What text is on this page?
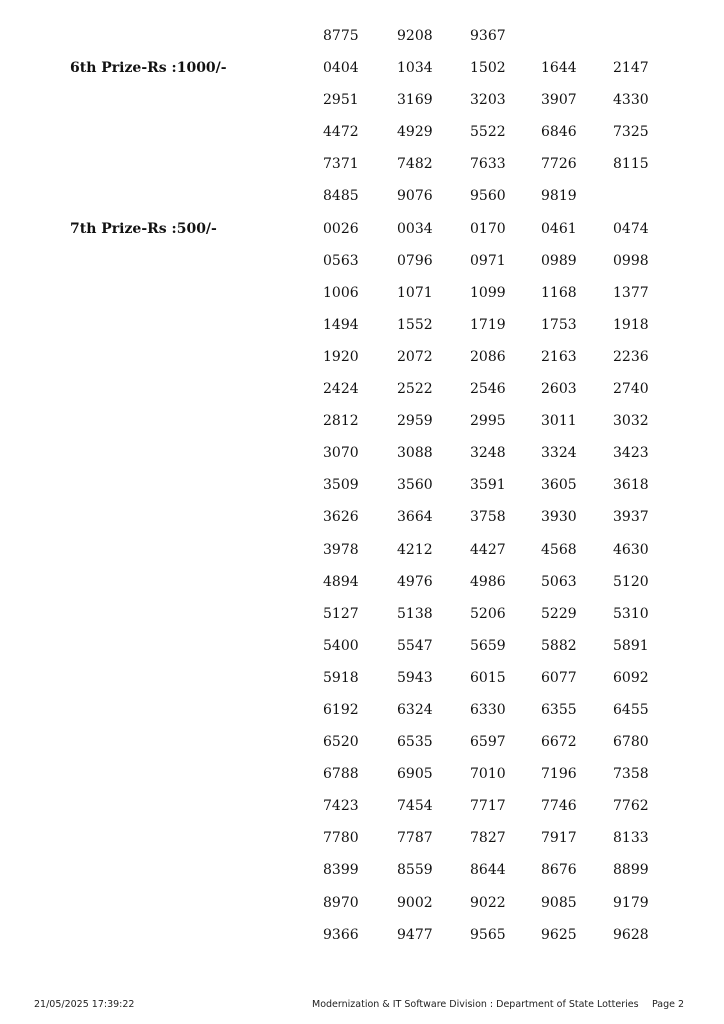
8775	9208	9367
6th Prize-Rs :1000/-	0404	1034	1502	1644	2147
2951	3169	3203	3907	4330
4472	4929	5522	6846	7325
7371	7482	7633	7726	8115
8485	9076	9560	9819
7th Prize-Rs :500/-	0026	0034	0170	0461	0474
0563	0796	0971	0989	0998
1006	1071	1099	1168	1377
1494	1552	1719	1753	1918
1920	2072	2086	2163	2236
2424	2522	2546	2603	2740
2812	2959	2995	3011	3032
3070	3088	3248	3324	3423
3509	3560	3591	3605	3618
3626	3664	3758	3930	3937
3978	4212	4427	4568	4630
4894	4976	4986	5063	5120
5127	5138	5206	5229	5310
5400	5547	5659	5882	5891
5918	5943	6015	6077	6092
6192	6324	6330	6355	6455
6520	6535	6597	6672	6780
6788	6905	7010	7196	7358
7423	7454	7717	7746	7762
7780	7787	7827	7917	8133
8399	8559	8644	8676	8899
8970	9002	9022	9085	9179
9366	9477	9565	9625	9628
21/05/2025 17:39:22	Modernization & IT Software Division : Department of State Lotteries Page 2
